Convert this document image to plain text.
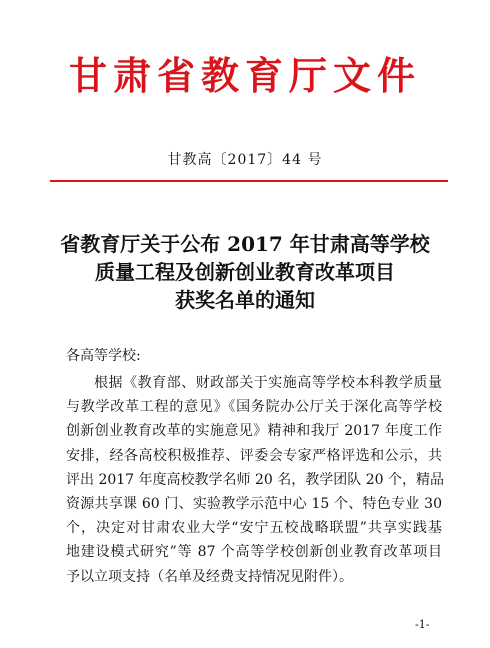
甘肃省教育厅文件
甘教高〔2017〕44 号
省教育厅关于公布 2017 年甘肃高等学校
质量工程及创新创业教育改革项目
获奖名单的通知
各高等学校:
根据《教育部、财政部关于实施高等学校本科教学质量
与教学改革工程的意见》《国务院办公厅关于深化高等学校
创新创业教育改革的实施意见》精神和我厅 2017 年度工作
安排，经各高校积极推荐、评委会专家严格评选和公示，共
评出 2017 年度高校教学名师 20 名，教学团队 20 个，精品
资源共享课 60 门、实验教学示范中心 15 个、特色专业 30
个，决定对甘肃农业大学“安宁五校战略联盟”共享实践基
地建设模式研究”等 87 个高等学校创新创业教育改革项目
予以立项支持（名单及经费支持情况见附件）。
-1-
